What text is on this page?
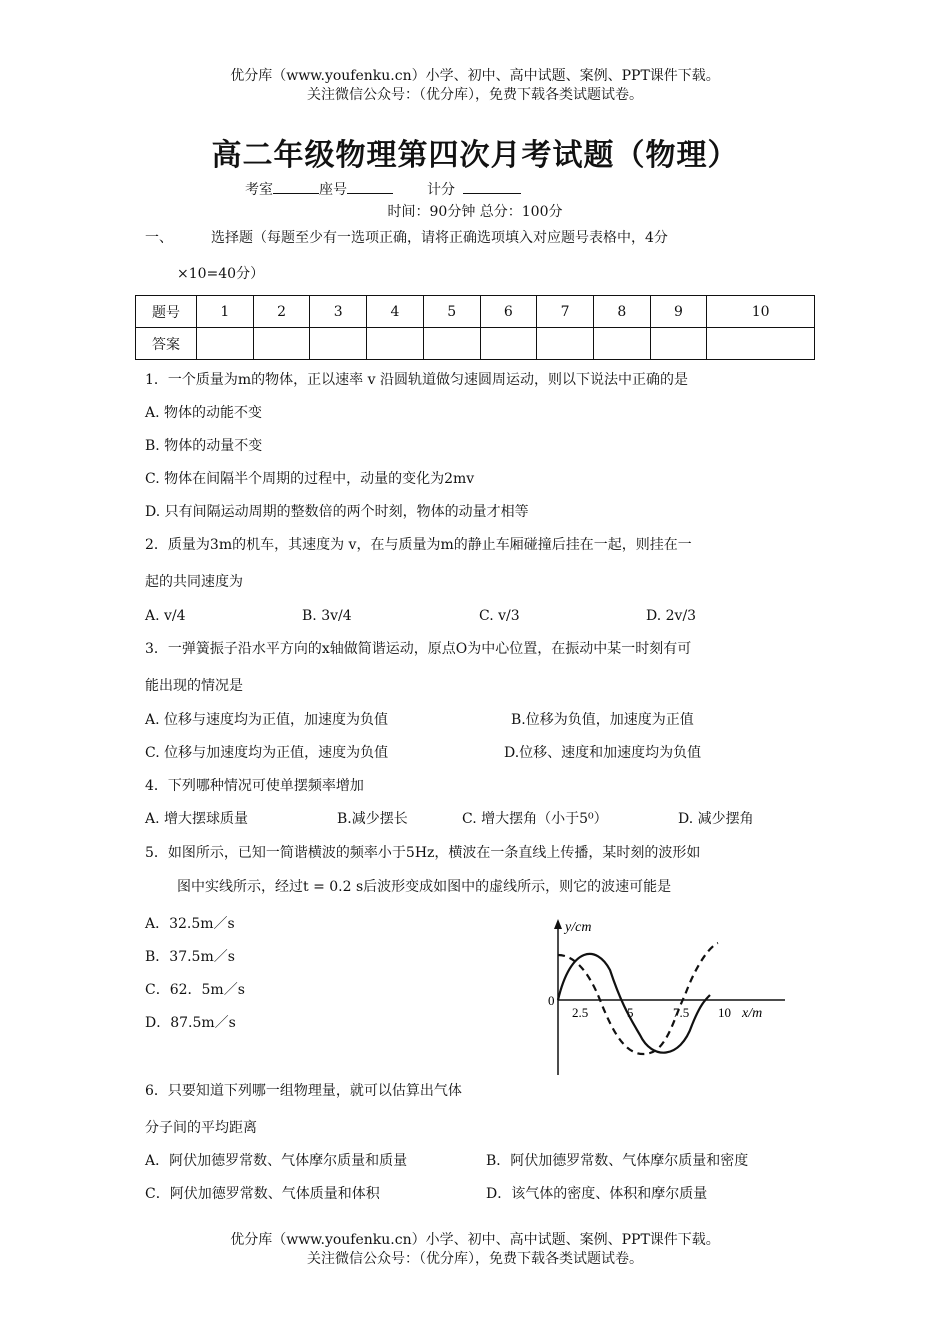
优分库（www.youfenku.cn）小学、初中、高中试题、案例、PPT课件下载。
关注微信公众号：（优分库），免费下载各类试题试卷。
高二年级物理第四次月考试题（物理）
考室	座号	计分
时间：90分钟 总分：100分
一、	选择题（每题至少有一选项正确，请将正确选项填入对应题号表格中，4分
×10=40分）
题号	1	2	3	4	5	6	7	8	9	10
答案										
1．一个质量为m的物体，正以速率 v 沿圆轨道做匀速圆周运动，则以下说法中正确的是
A. 物体的动能不变
B. 物体的动量不变
C. 物体在间隔半个周期的过程中，动量的变化为2mv
D. 只有间隔运动周期的整数倍的两个时刻，物体的动量才相等
2．质量为3m的机车，其速度为 v，在与质量为m的静止车厢碰撞后挂在一起，则挂在一
起的共同速度为
A. v/4	B. 3v/4	C. v/3	D. 2v/3
3．一弹簧振子沿水平方向的x轴做简谐运动，原点O为中心位置，在振动中某一时刻有可
能出现的情况是
A. 位移与速度均为正值，加速度为负值	B.位移为负值，加速度为正值
C. 位移与加速度均为正值，速度为负值	D.位移、速度和加速度均为负值
4．下列哪种情况可使单摆频率增加
A. 增大摆球质量	B.减少摆长	C. 增大摆角（小于5⁰）	D. 减少摆角
5．如图所示，已知一简谐横波的频率小于5Hz，横波在一条直线上传播，某时刻的波形如
图中实线所示，经过t = 0.2 s后波形变成如图中的虚线所示，则它的波速可能是
A．32.5m／s
B．37.5m／s
C．62．5m／s
D．87.5m／s
y/cm
x/m
0
2.5	5	7.5 10
6．只要知道下列哪一组物理量，就可以估算出气体
分子间的平均距离
A．阿伏加德罗常数、气体摩尔质量和质量	B．阿伏加德罗常数、气体摩尔质量和密度
C．阿伏加德罗常数、气体质量和体积	D．该气体的密度、体积和摩尔质量
优分库（www.youfenku.cn）小学、初中、高中试题、案例、PPT课件下载。
关注微信公众号：（优分库），免费下载各类试题试卷。
